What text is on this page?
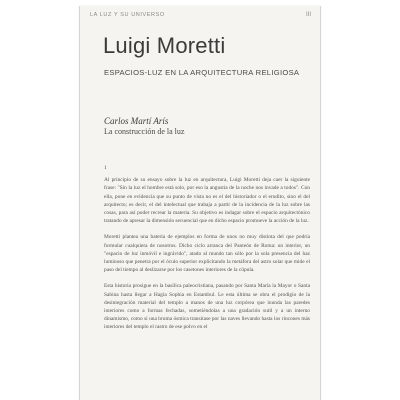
LA LUZ Y SU UNIVERSO	III
Luigi Moretti
ESPACIOS-LUZ EN LA ARQUITECTURA RELIGIOSA
Carlos Martí Arís
La construcción de la luz

1

Al principio de su ensayo sobre la luz en arquitectura, Luigi Moretti deja caer la siguiente frase: "Sin la luz el hombre está solo, por eso la angustia de la noche nos invade a todos". Con ella, pone en evidencia que su punto de vista no es el del historiador o el erudito, sino el del arquitecto; es decir, el del intelectual que trabaja a partir de la incidencia de la luz sobre las cosas, para así poder recrear la materia. Su objetivo es indagar sobre el espacio arquitectónico tratando de apresar la dimensión secuencial que en dicho espacio promueve la acción de la luz.

Moretti plantea una batería de ejemplos en forma de unos no muy distinta del que podría formular cualquiera de nosotros. Dicho ciclo arranca del Panteón de Roma: un interior, un "espacio de luz inmóvil e ingrávido", atado al mundo tan sólo por la sola presencia del haz luminoso que penetra por el óculo superior explicitando la metáfora del astro solar que mide el paso del tiempo al deslizarse por los casetones interiores de la cúpula.

Esta historia prosigue en la basílica paleocristiana, pasando por Santa María la Mayor o Santa Sabina hasta llegar a Hagia Sophia en Estambul. Le esta última se obra el prodigio de la desintegración material del templo a manos de una luz corpórea que inunda las paredes interiores como a formas fechadas, sometiéndolas a una gradación sutil y a un interno dinamismo, como si una bruma ósmica transitase por las naves llevando hasta los rincones más interiores del templo el rastro de ese polvo en el
